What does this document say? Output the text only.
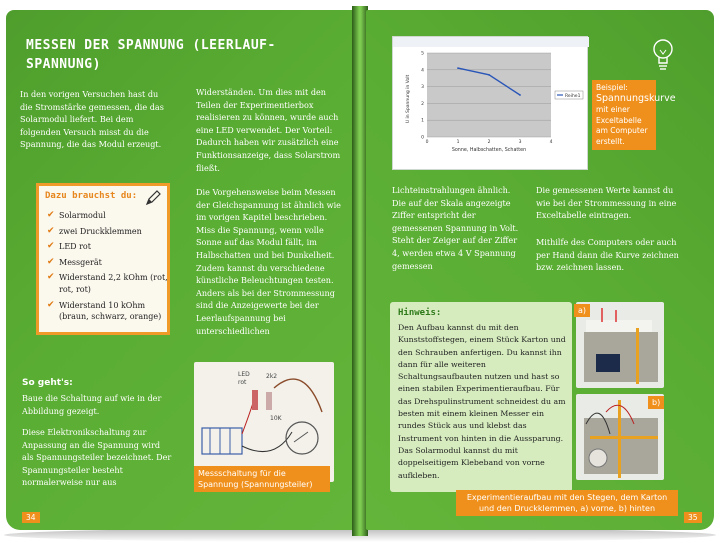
MESSEN DER SPANNUNG (LEERLAUF-SPANNUNG)
In den vorigen Versuchen hast du die Stromstärke gemessen, die das Solarmodul liefert. Bei dem folgenden Versuch misst du die Spannung, die das Modul erzeugt.
Dazu brauchst du:
✔ Solarmodul
✔ zwei Druckklemmen
✔ LED rot
✔ Messgerät
✔ Widerstand 2,2 kOhm (rot, rot, rot)
✔ Widerstand 10 kOhm (braun, schwarz, orange)
So geht's:
Baue die Schaltung auf wie in der Abbildung gezeigt.
Diese Elektronikschaltung zur Anpassung an die Spannung wird als Spannungsteiler bezeichnet. Der Spannungsteiler besteht normalerweise nur aus
Widerständen. Um dies mit den Teilen der Experimentierbox realisieren zu können, wurde auch eine LED verwendet. Der Vorteil: Dadurch haben wir zusätzlich eine Funktionsanzeige, dass Solarstrom fließt.
Die Vorgehensweise beim Messen der Gleichspannung ist ähnlich wie im vorigen Kapitel beschrieben. Miss die Spannung, wenn volle Sonne auf das Modul fällt, im Halbschatten und bei Dunkelheit. Zudem kannst du verschiedene künstliche Beleuchtungen testen. Anders als bei der Strommessung sind die Anzeigewerte bei der Leerlaufspannung bei unterschiedlichen
LED
rot
2k2
10K
Messschaltung für die Spannung (Spannungsteiler)
34
0
1
2
3
4
5
0	1	2	3	4
U in Spannung in Volt
Sonne, Halbschatten, Schatten
Reihe1
Beispiel:
Spannungskurve
mit einer Exceltabelle am Computer erstellt.
Lichteinstrahlungen ähnlich. Die auf der Skala angezeigte Ziffer entspricht der gemessenen Spannung in Volt. Steht der Zeiger auf der Ziffer 4, werden etwa 4 V Spannung gemessen
Die gemessenen Werte kannst du wie bei der Strommessung in eine Exceltabelle eintragen.
Mithilfe des Computers oder auch per Hand dann die Kurve zeichnen bzw. zeichnen lassen.
Hinweis:
Den Aufbau kannst du mit den Kunststoffstegen, einem Stück Karton und den Schrauben anfertigen. Du kannst ihn dann für alle weiteren Schaltungsaufbauten nutzen und hast so einen stabilen Experimentieraufbau. Für das Drehspulinstrument schneidest du am besten mit einem kleinen Messer ein rundes Stück aus und klebst das Instrument von hinten in die Aussparung. Das Solarmodul kannst du mit doppelseitigem Klebeband von vorne aufkleben.
a)
b)
Experimentieraufbau mit den Stegen, dem Karton und den Druckklemmen, a) vorne, b) hinten
35
